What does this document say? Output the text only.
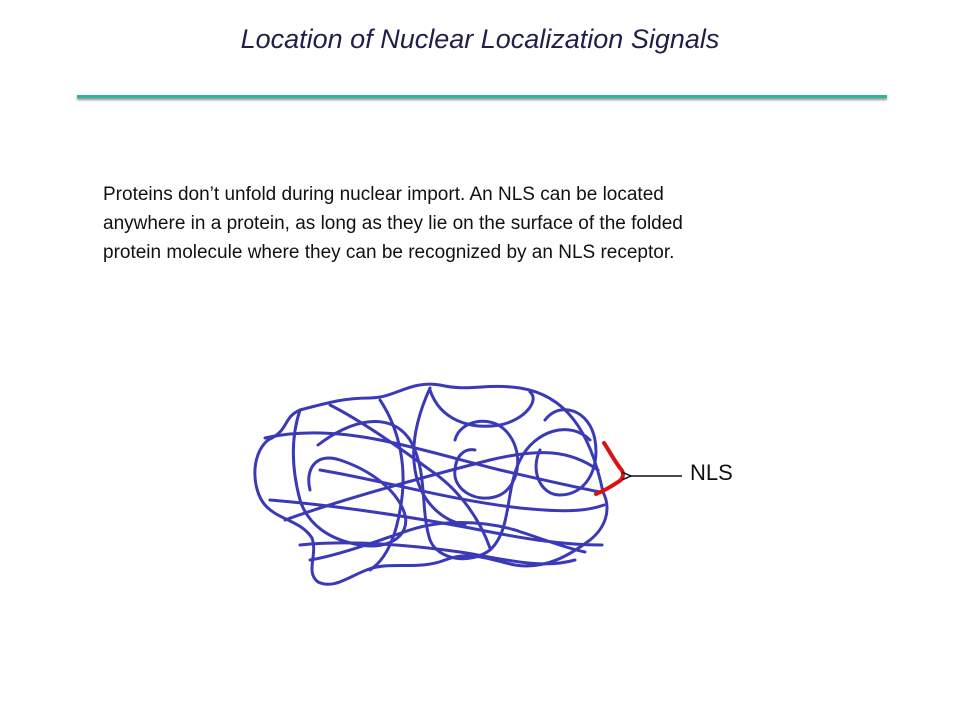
Location of Nuclear Localization Signals
Proteins don’t unfold during nuclear import. An NLS can be located
anywhere in a protein, as long as they lie on the surface of the folded
protein molecule where they can be recognized by an NLS receptor.
NLS
